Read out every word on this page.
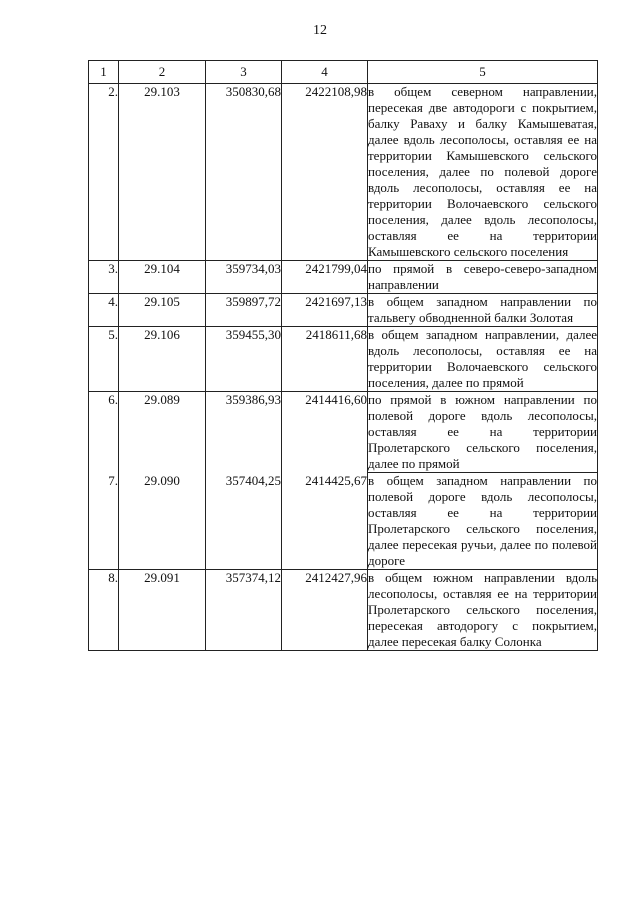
12
1	2	3	4	5
2.	29.103	350830,68	2422108,98	в общем северном направлении, пересекая две автодороги с покрытием, балку Раваху и балку Камышеватая, далее вдоль лесополосы, оставляя ее на территории Камышевского сельского поселения, далее по полевой дороге вдоль лесополосы, оставляя ее на территории Волочаевского сельского поселения, далее вдоль лесополосы, оставляя ее на территории Камышевского сельского поселения
3.	29.104	359734,03	2421799,04	по прямой в северо-северо-западном направлении
4.	29.105	359897,72	2421697,13	в общем западном направлении по тальвегу обводненной балки Золотая
5.	29.106	359455,30	2418611,68	в общем западном направлении, далее вдоль лесополосы, оставляя ее на территории Волочаевского сельского поселения, далее по прямой
6.	29.089	359386,93	2414416,60	по прямой в южном направлении по полевой дороге вдоль лесополосы, оставляя ее на территории Пролетарского сельского поселения, далее по прямой
7.	29.090	357404,25	2414425,67	в общем западном направлении по полевой дороге вдоль лесополосы, оставляя ее на территории Пролетарского сельского поселения, далее пересекая ручьи, далее по полевой дороге
8.	29.091	357374,12	2412427,96	в общем южном направлении вдоль лесополосы, оставляя ее на территории Пролетарского сельского поселения, пересекая автодорогу с покрытием, далее пересекая балку Солонка
